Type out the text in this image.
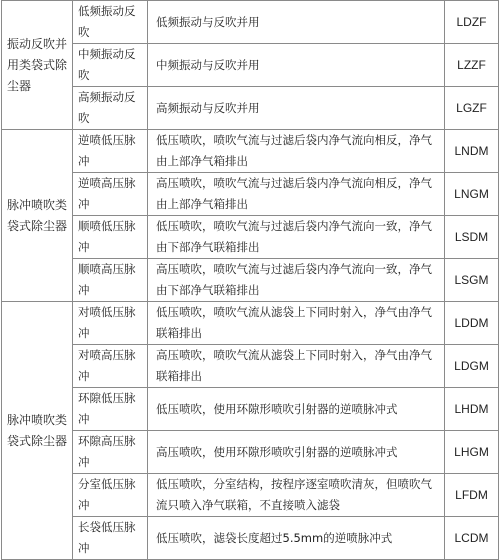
振动反吹并用类袋式除尘器	低频振动反吹	低频振动与反吹并用	LDZF

	中频振动反吹	中频振动与反吹并用	LZZF

	高频振动反吹	高频振动与反吹并用	LGZF

脉冲喷吹类袋式除尘器	逆喷低压脉冲	低压喷吹，喷吹气流与过滤后袋内净气流向相反，净气由上部净气箱排出	LNDM

	逆喷高压脉冲	高压喷吹，喷吹气流与过滤后袋内净气流向相反，净气由上部净气箱排出	LNGM

	顺喷低压脉冲	低压喷吹，喷吹气流与过滤后袋内净气流向一致，净气由下部净气联箱排出	LSDM

	顺喷高压脉冲	高压喷吹，喷吹气流与过滤后袋内净气流向一致，净气由下部净气联箱排出	LSGM

脉冲喷吹类袋式除尘器	对喷低压脉冲	低压喷吹，喷吹气流从滤袋上下同时射入，净气由净气联箱排出	LDDM

	对喷高压脉冲	高压喷吹，喷吹气流从滤袋上下同时射入，净气由净气联箱排出	LDGM

	环隙低压脉冲	低压喷吹，使用环隙形喷吹引射器的逆喷脉冲式	LHDM

	环隙高压脉冲	高压喷吹，使用环隙形喷吹引射器的逆喷脉冲式	LHGM

	分室低压脉冲	低压喷吹，分室结构，按程序逐室喷吹清灰，但喷吹气流只喷入净气联箱，不直接喷入滤袋	LFDM

	长袋低压脉冲	低压喷吹，滤袋长度超过5.5mm的逆喷脉冲式	LCDM
